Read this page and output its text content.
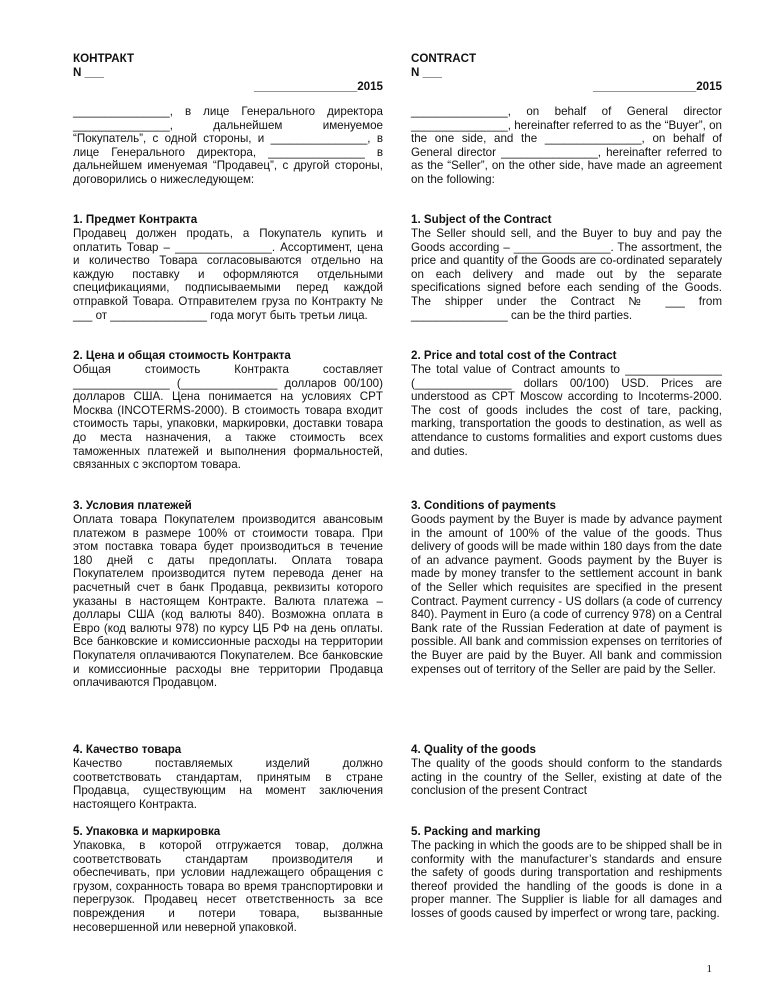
КОНТРАКТ
N ___
________________2015

_______________, в лице Генерального директора _______________, дальнейшем именуемое “Покупатель”, с одной стороны, и _______________, в лице Генерального директора, _______________ в дальнейшем именуемая “Продавец”, с другой стороны, договорились о нижеследующем:

1. Предмет Контракта

Продавец должен продать, а Покупатель купить и оплатить Товар – _______________. Ассортимент, цена и количество Товара согласовываются отдельно на каждую поставку и оформляются отдельными спецификациями, подписываемыми перед каждой отправкой Товара. Отправителем груза по Контракту № ___ от _______________ года могут быть третьи лица.

2. Цена и общая стоимость Контракта

Общая стоимость Контракта составляет _______________ (_______________ долларов 00/100) долларов США. Цена понимается на условиях CPT Москва (INCOTERMS-2000). В стоимость товара входит стоимость тары, упаковки, маркировки, доставки товара до места назначения, а также стоимость всех таможенных платежей и выполнения формальностей, связанных с экспортом товара.

3. Условия платежей

Оплата товара Покупателем производится авансовым платежом в размере 100% от стоимости товара. При этом поставка товара будет производиться в течение 180 дней с даты предоплаты. Оплата товара Покупателем производится путем перевода денег на расчетный счет в банк Продавца, реквизиты которого указаны в настоящем Контракте. Валюта платежа – доллары США (код валюты 840). Возможна оплата в Евро (код валюты 978) по курсу ЦБ РФ на день оплаты. Все банковские и комиссионные расходы на территории Покупателя оплачиваются Покупателем. Все банковские и комиссионные расходы вне территории Продавца оплачиваются Продавцом.

4. Качество товара

Качество поставляемых изделий должно соответствовать стандартам, принятым в стране Продавца, существующим на момент заключения настоящего Контракта.

5. Упаковка и маркировка

Упаковка, в которой отгружается товар, должна соответствовать стандартам производителя и обеспечивать, при условии надлежащего обращения с грузом, сохранность товара во время транспортировки и перегрузок. Продавец несет ответственность за все повреждения и потери товара, вызванные несовершенной или неверной упаковкой.

CONTRACT
N ___
________________2015

_______________, on behalf of General director _______________, hereinafter referred to as the “Buyer”, on the one side, and the _______________, on behalf of General director _______________, hereinafter referred to as the “Seller”, on the other side, have made an agreement on the following:

1. Subject of the Contract

The Seller should sell, and the Buyer to buy and pay the Goods according – _______________. The assortment, the price and quantity of the Goods are co-ordinated separately on each delivery and made out by the separate specifications signed before each sending of the Goods. The shipper under the Contract № ___ from _______________ can be the third parties.

2. Price and total cost of the Contract

The total value of Contract amounts to _______________ (_______________ dollars 00/100) USD. Prices are understood as CPT Moscow according to Incoterms-2000. The cost of goods includes the cost of tare, packing, marking, transportation the goods to destination, as well as attendance to customs formalities and export customs dues and duties.

3. Conditions of payments

Goods payment by the Buyer is made by advance payment in the amount of 100% of the value of the goods. Thus delivery of goods will be made within 180 days from the date of an advance payment. Goods payment by the Buyer is made by money transfer to the settlement account in bank of the Seller which requisites are specified in the present Contract. Payment currency - US dollars (a code of currency 840). Payment in Euro (a code of currency 978) on a Central Bank rate of the Russian Federation at date of payment is possible. All bank and commission expenses on territories of the Buyer are paid by the Buyer. All bank and commission expenses out of territory of the Seller are paid by the Seller.

4. Quality of the goods

The quality of the goods should conform to the standards acting in the country of the Seller, existing at date of the conclusion of the present Contract

5. Packing and marking

The packing in which the goods are to be shipped shall be in conformity with the manufacturer’s standards and ensure the safety of goods during transportation and reshipments thereof provided the handling of the goods is done in a proper manner. The Supplier is liable for all damages and losses of goods caused by imperfect or wrong tare, packing.

1
